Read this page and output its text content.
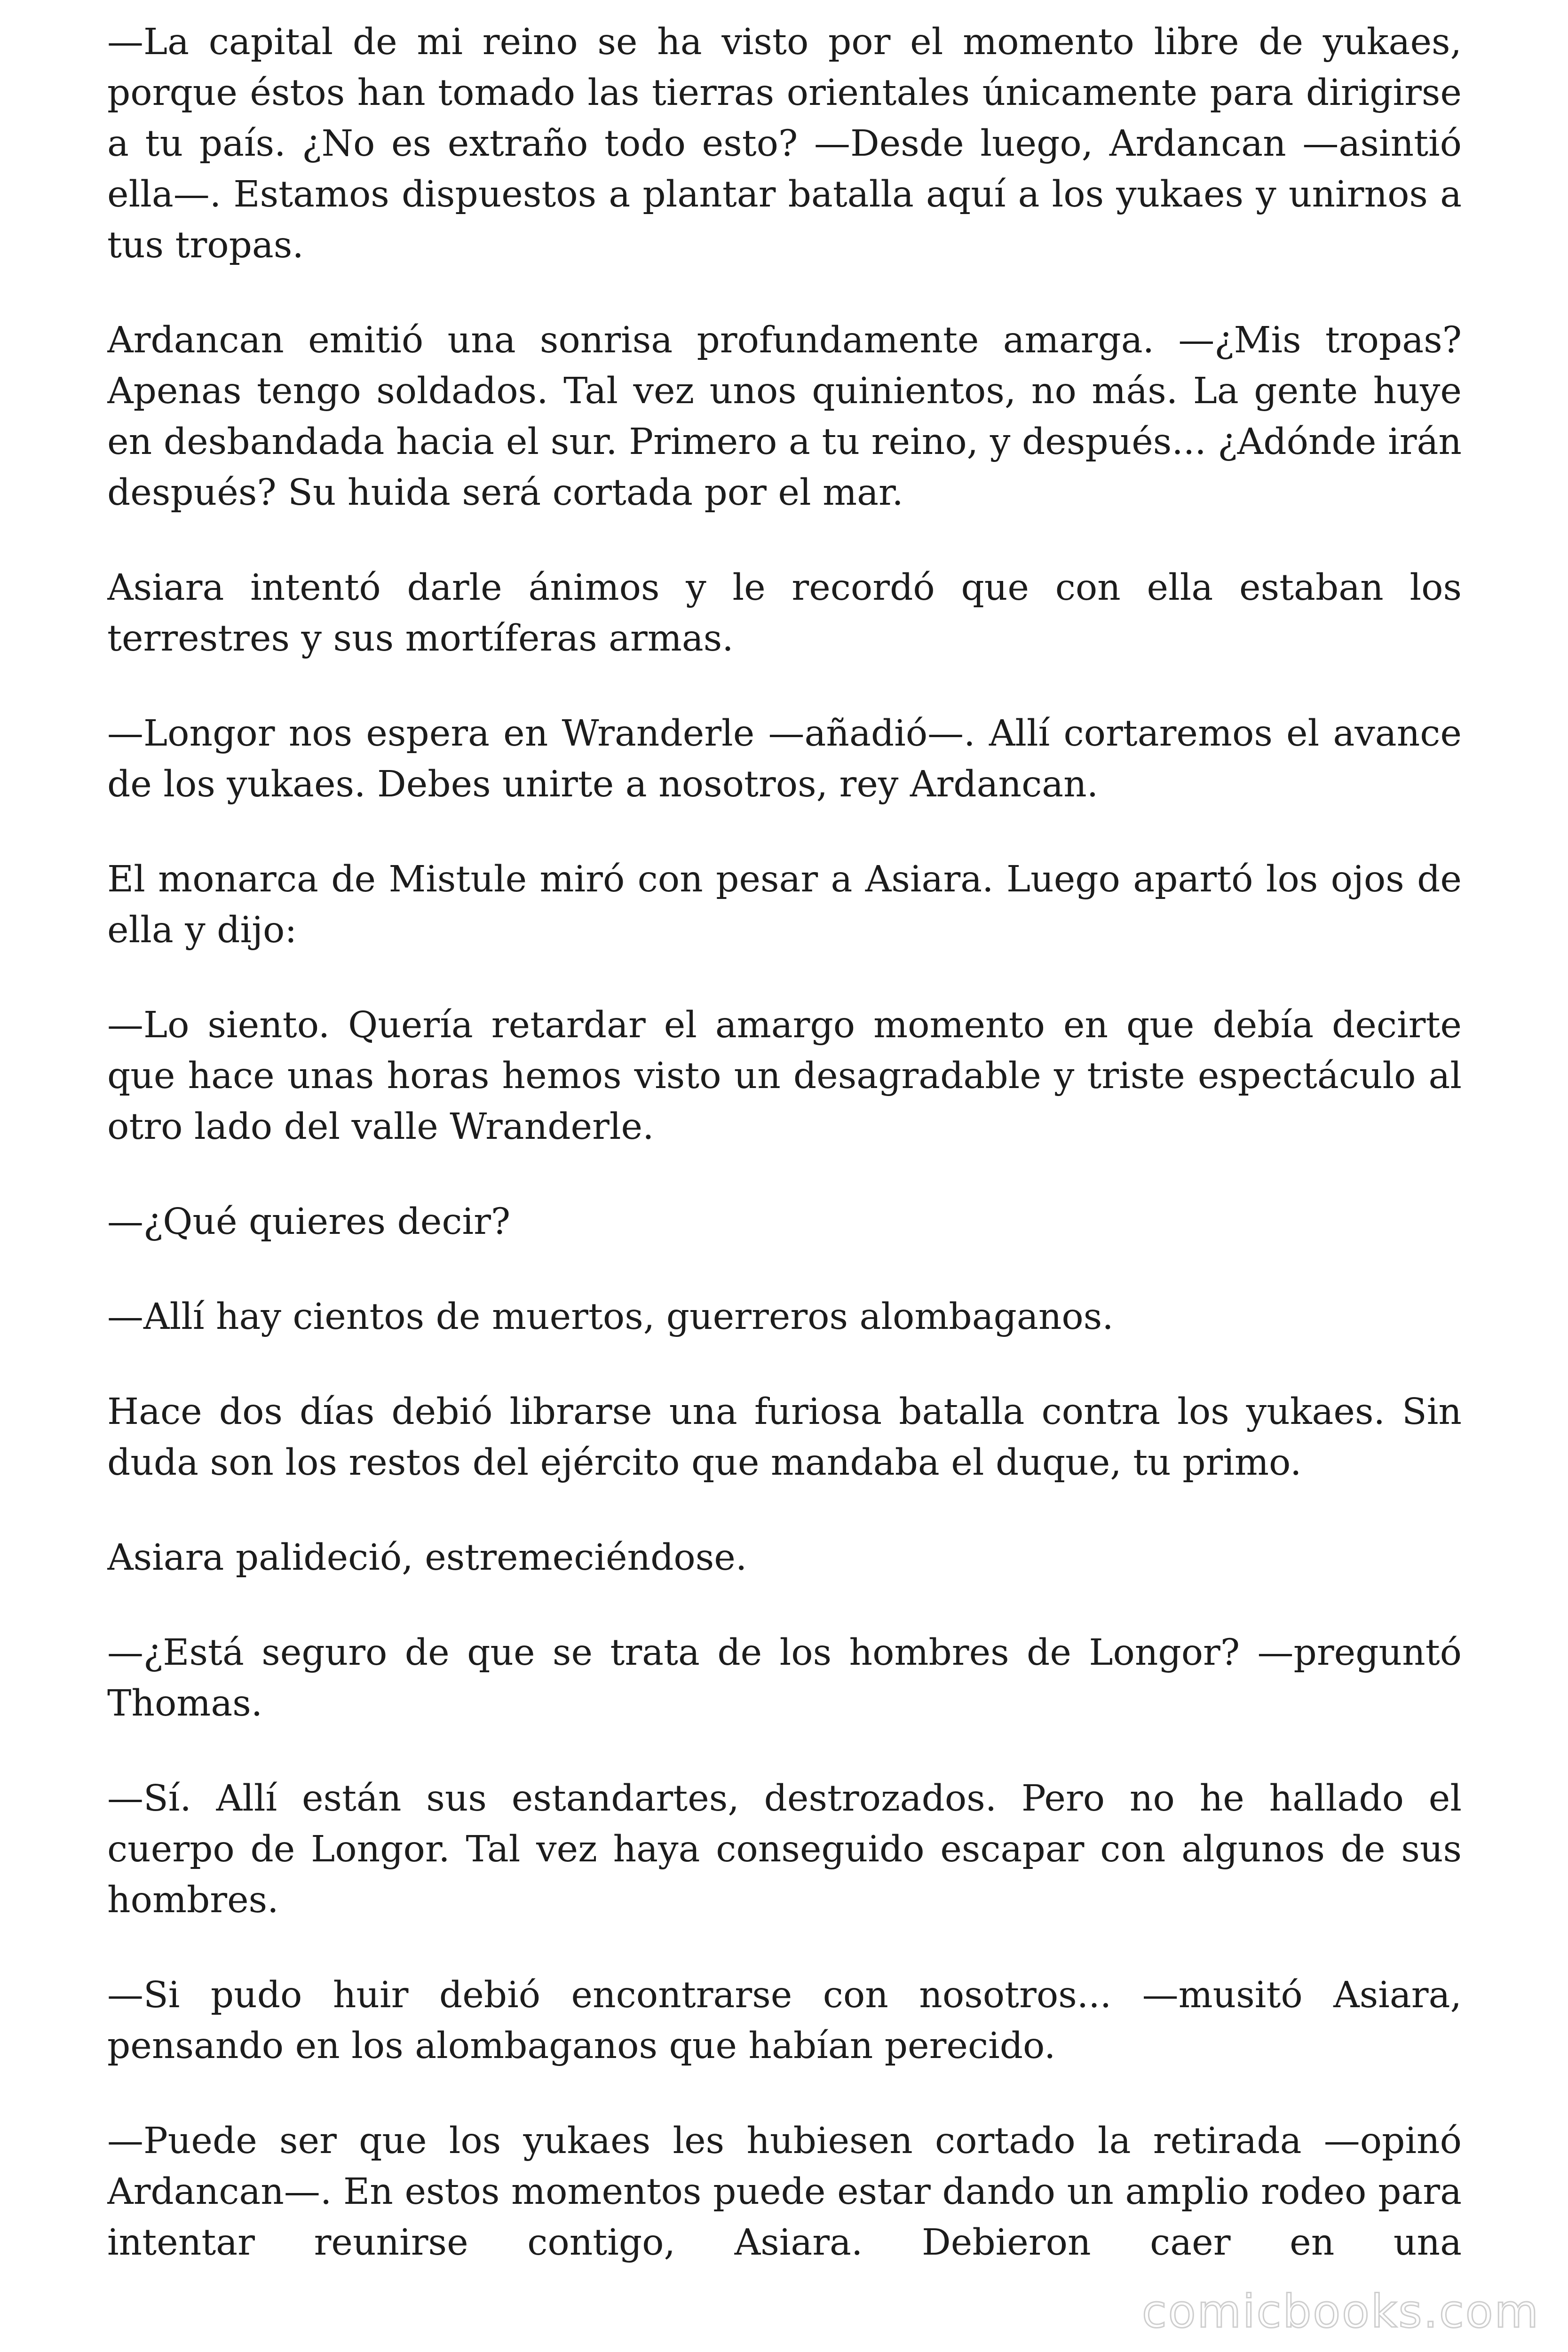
—La capital de mi reino se ha visto por el momento libre de yukaes, porque éstos han tomado las tierras orientales únicamente para dirigirse a tu país. ¿No es extraño todo esto? —Desde luego, Ardancan —asintió ella—. Estamos dispuestos a plantar batalla aquí a los yukaes y unirnos a tus tropas.

Ardancan emitió una sonrisa profundamente amarga. —¿Mis tropas? Apenas tengo soldados. Tal vez unos quinientos, no más. La gente huye en desbandada hacia el sur. Primero a tu reino, y después... ¿Adónde irán después? Su huida será cortada por el mar.

Asiara intentó darle ánimos y le recordó que con ella estaban los terrestres y sus mortíferas armas.

—Longor nos espera en Wranderle —añadió—. Allí cortaremos el avance de los yukaes. Debes unirte a nosotros, rey Ardancan.

El monarca de Mistule miró con pesar a Asiara. Luego apartó los ojos de ella y dijo:

—Lo siento. Quería retardar el amargo momento en que debía decirte que hace unas horas hemos visto un desagradable y triste espectáculo al otro lado del valle Wranderle.

—¿Qué quieres decir?

—Allí hay cientos de muertos, guerreros alombaganos.

Hace dos días debió librarse una furiosa batalla contra los yukaes. Sin duda son los restos del ejército que mandaba el duque, tu primo.

Asiara palideció, estremeciéndose.

—¿Está seguro de que se trata de los hombres de Longor? —preguntó Thomas.

—Sí. Allí están sus estandartes, destrozados. Pero no he hallado el cuerpo de Longor. Tal vez haya conseguido escapar con algunos de sus hombres.

—Si pudo huir debió encontrarse con nosotros... —musitó Asiara, pensando en los alombaganos que habían perecido.

—Puede ser que los yukaes les hubiesen cortado la retirada —opinó Ardancan—. En estos momentos puede estar dando un amplio rodeo para intentar reunirse contigo, Asiara. Debieron caer en una

comicbooks.com
